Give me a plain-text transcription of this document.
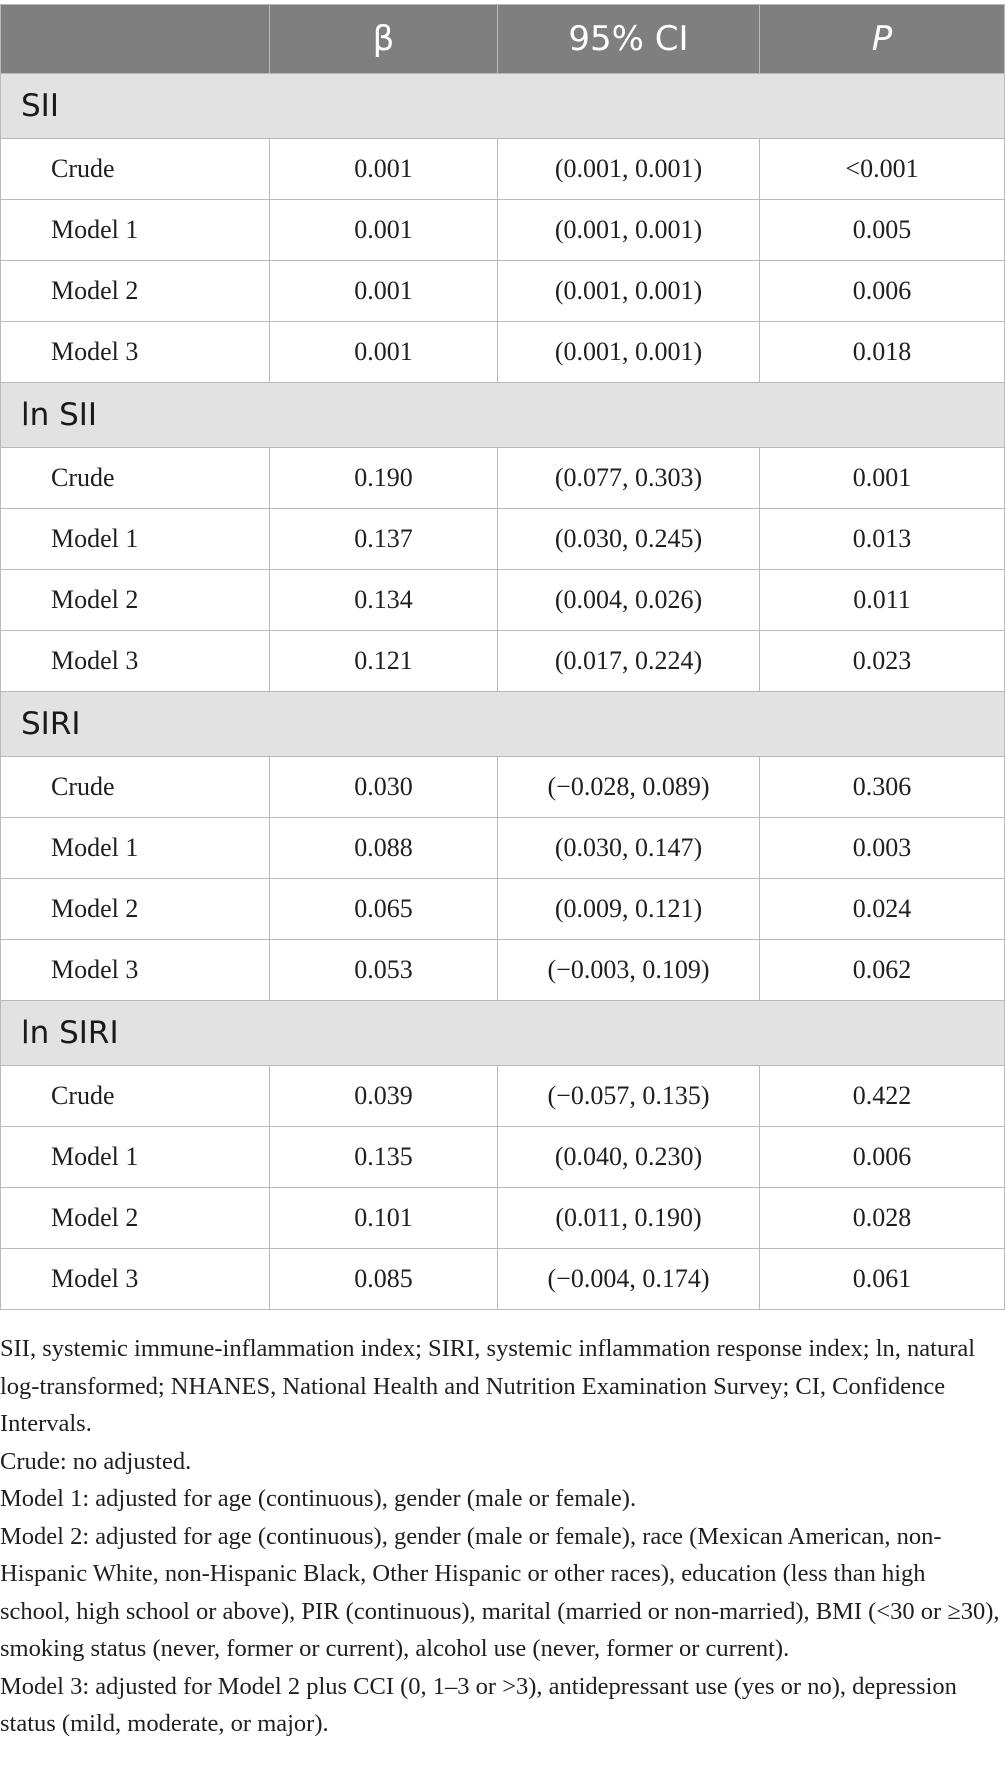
	β	95% CI	P
SII			
Crude	0.001	(0.001, 0.001)	<0.001
Model 1	0.001	(0.001, 0.001)	0.005
Model 2	0.001	(0.001, 0.001)	0.006
Model 3	0.001	(0.001, 0.001)	0.018
ln SII			
Crude	0.190	(0.077, 0.303)	0.001
Model 1	0.137	(0.030, 0.245)	0.013
Model 2	0.134	(0.004, 0.026)	0.011
Model 3	0.121	(0.017, 0.224)	0.023
SIRI			
Crude	0.030	(−0.028, 0.089)	0.306
Model 1	0.088	(0.030, 0.147)	0.003
Model 2	0.065	(0.009, 0.121)	0.024
Model 3	0.053	(−0.003, 0.109)	0.062
ln SIRI			
Crude	0.039	(−0.057, 0.135)	0.422
Model 1	0.135	(0.040, 0.230)	0.006
Model 2	0.101	(0.011, 0.190)	0.028
Model 3	0.085	(−0.004, 0.174)	0.061

SII, systemic immune-inflammation index; SIRI, systemic inflammation response index; ln, natural log-transformed; NHANES, National Health and Nutrition Examination Survey; CI, Confidence Intervals.

Crude: no adjusted.

Model 1: adjusted for age (continuous), gender (male or female).

Model 2: adjusted for age (continuous), gender (male or female), race (Mexican American, non-Hispanic White, non-Hispanic Black, Other Hispanic or other races), education (less than high school, high school or above), PIR (continuous), marital (married or non-married), BMI (<30 or ≥30), smoking status (never, former or current), alcohol use (never, former or current).

Model 3: adjusted for Model 2 plus CCI (0, 1–3 or >3), antidepressant use (yes or no), depression status (mild, moderate, or major).
